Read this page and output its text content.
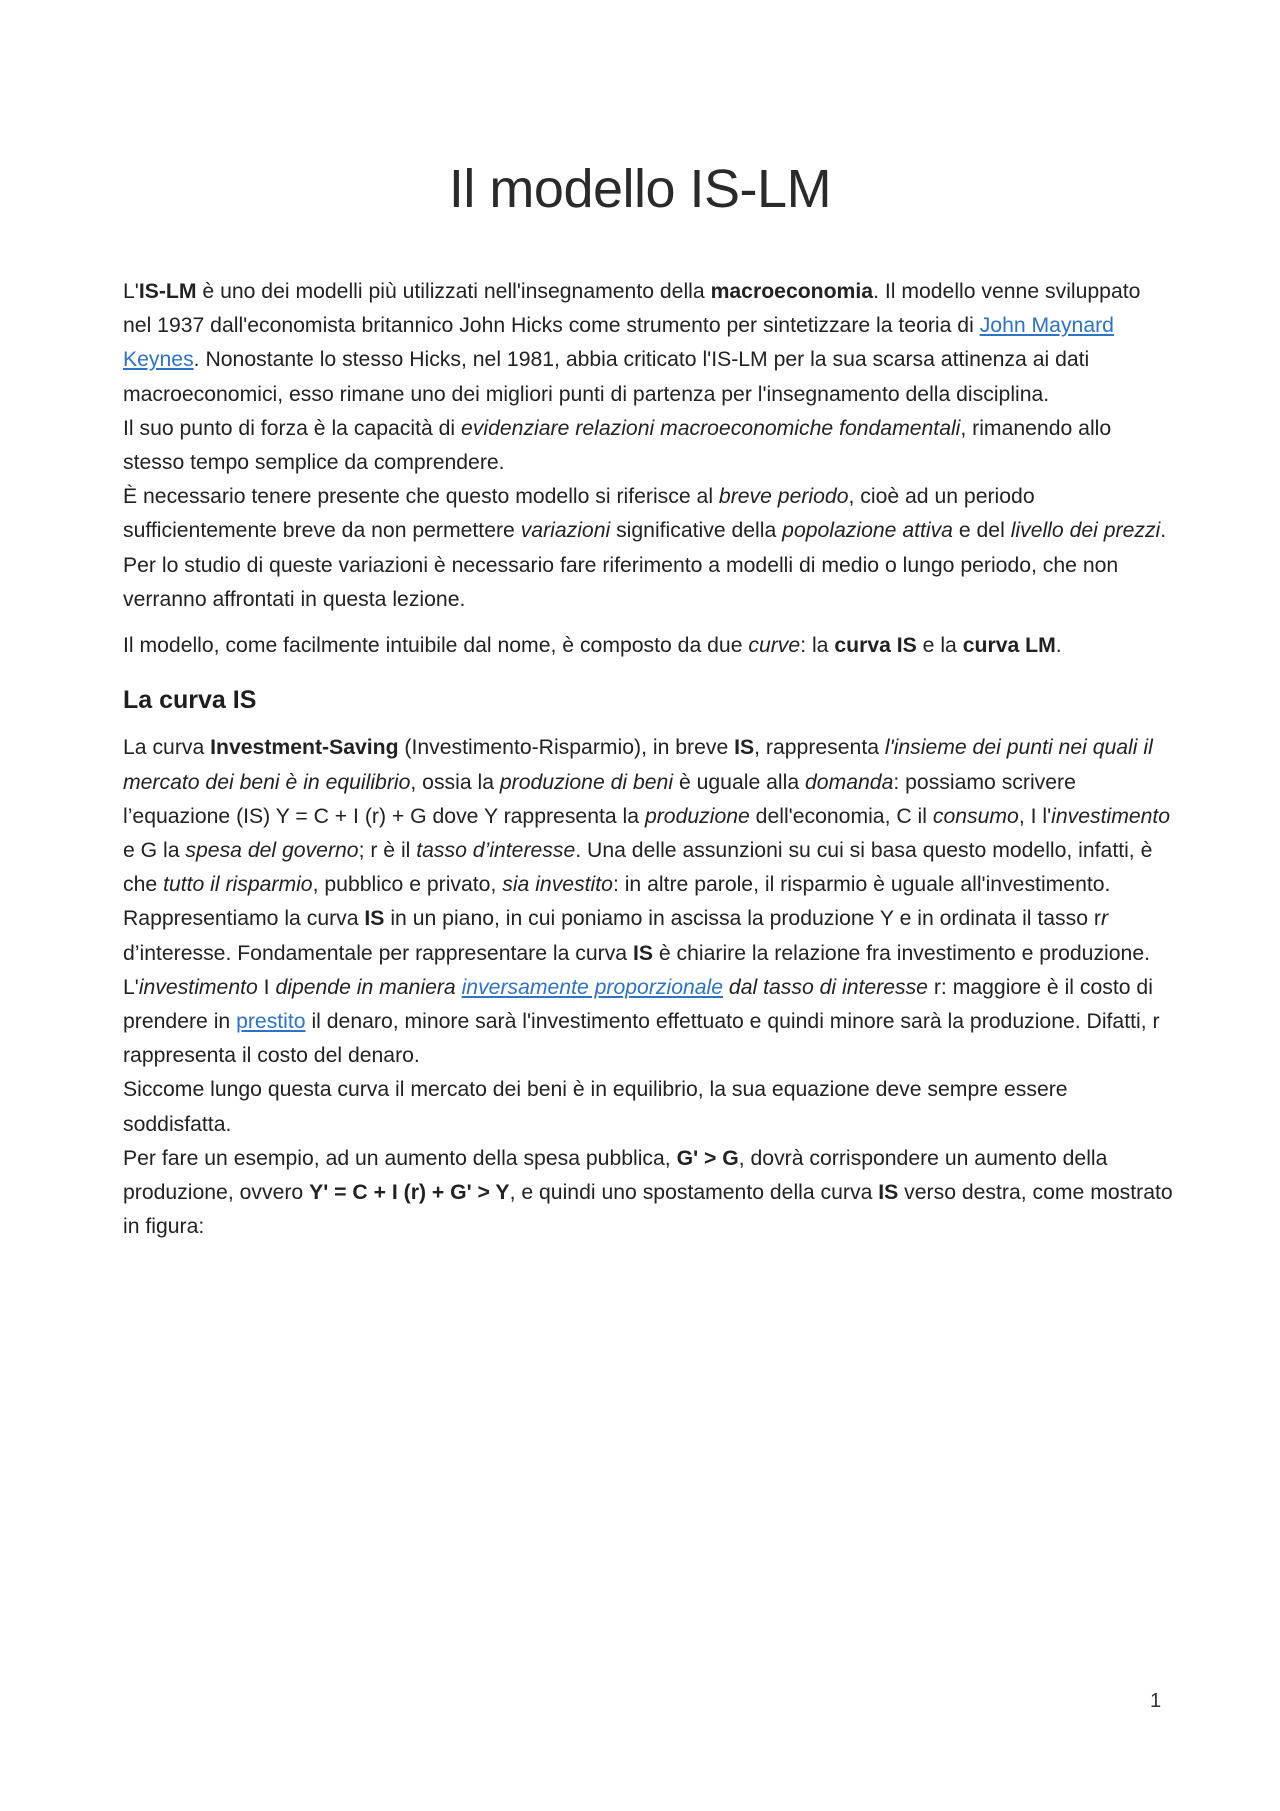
Il modello IS-LM

L'IS-LM è uno dei modelli più utilizzati nell'insegnamento della macroeconomia. Il modello venne sviluppato nel 1937 dall'economista britannico John Hicks come strumento per sintetizzare la teoria di John Maynard Keynes. Nonostante lo stesso Hicks, nel 1981, abbia criticato l'IS-LM per la sua scarsa attinenza ai dati macroeconomici, esso rimane uno dei migliori punti di partenza per l'insegnamento della disciplina.

Il suo punto di forza è la capacità di evidenziare relazioni macroeconomiche fondamentali, rimanendo allo stesso tempo semplice da comprendere.

È necessario tenere presente che questo modello si riferisce al breve periodo, cioè ad un periodo sufficientemente breve da non permettere variazioni significative della popolazione attiva e del livello dei prezzi. Per lo studio di queste variazioni è necessario fare riferimento a modelli di medio o lungo periodo, che non verranno affrontati in questa lezione.

Il modello, come facilmente intuibile dal nome, è composto da due curve: la curva IS e la curva LM.

La curva IS

La curva Investment-Saving (Investimento-Risparmio), in breve IS, rappresenta l'insieme dei punti nei quali il mercato dei beni è in equilibrio, ossia la produzione di beni è uguale alla domanda: possiamo scrivere l’equazione (IS) Y = C + I (r) + G dove Y rappresenta la produzione dell'economia, C il consumo, I l'investimento e G la spesa del governo; r è il tasso d’interesse. Una delle assunzioni su cui si basa questo modello, infatti, è che tutto il risparmio, pubblico e privato, sia investito: in altre parole, il risparmio è uguale all'investimento.

Rappresentiamo la curva IS in un piano, in cui poniamo in ascissa la produzione Y e in ordinata il tasso rr d’interesse. Fondamentale per rappresentare la curva IS è chiarire la relazione fra investimento e produzione. L'investimento I dipende in maniera inversamente proporzionale dal tasso di interesse r: maggiore è il costo di prendere in prestito il denaro, minore sarà l'investimento effettuato e quindi minore sarà la produzione. Difatti, r rappresenta il costo del denaro.

Siccome lungo questa curva il mercato dei beni è in equilibrio, la sua equazione deve sempre essere soddisfatta.

Per fare un esempio, ad un aumento della spesa pubblica, G' > G, dovrà corrispondere un aumento della produzione, ovvero Y' = C + I (r) + G' > Y, e quindi uno spostamento della curva IS verso destra, come mostrato in figura:

1
